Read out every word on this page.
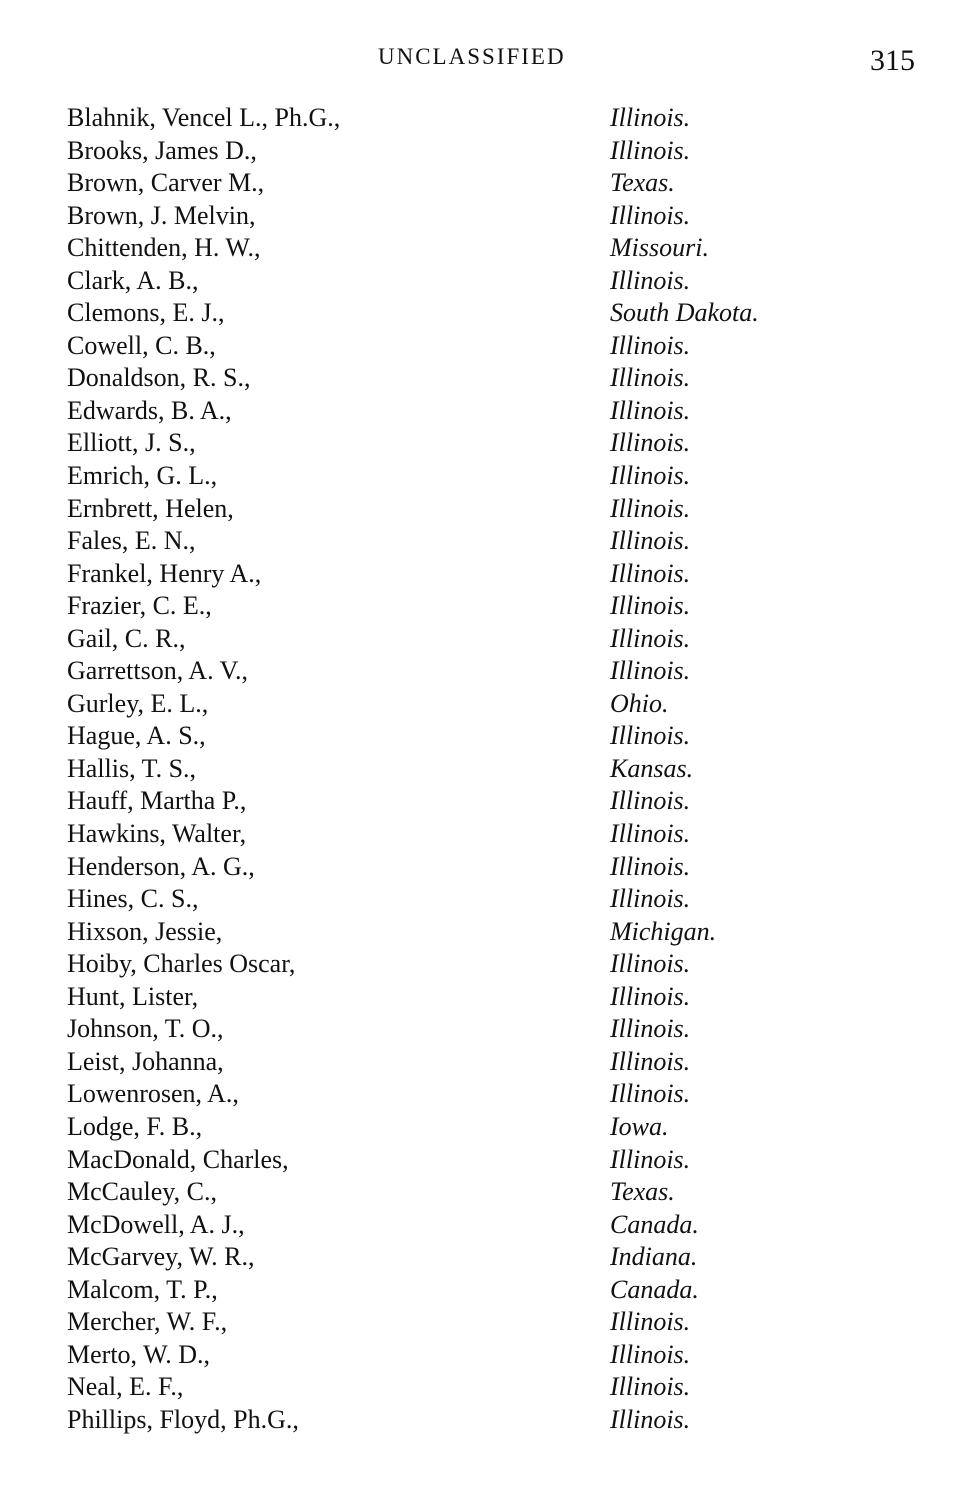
UNCLASSIFIED	315
Blahnik, Vencel L., Ph.G.,	Illinois.
Brooks, James D.,	Illinois.
Brown, Carver M.,	Texas.
Brown, J. Melvin,	Illinois.
Chittenden, H. W.,	Missouri.
Clark, A. B.,	Illinois.
Clemons, E. J.,	South Dakota.
Cowell, C. B.,	Illinois.
Donaldson, R. S.,	Illinois.
Edwards, B. A.,	Illinois.
Elliott, J. S.,	Illinois.
Emrich, G. L.,	Illinois.
Ernbrett, Helen,	Illinois.
Fales, E. N.,	Illinois.
Frankel, Henry A.,	Illinois.
Frazier, C. E.,	Illinois.
Gail, C. R.,	Illinois.
Garrettson, A. V.,	Illinois.
Gurley, E. L.,	Ohio.
Hague, A. S.,	Illinois.
Hallis, T. S.,	Kansas.
Hauff, Martha P.,	Illinois.
Hawkins, Walter,	Illinois.
Henderson, A. G.,	Illinois.
Hines, C. S.,	Illinois.
Hixson, Jessie,	Michigan.
Hoiby, Charles Oscar,	Illinois.
Hunt, Lister,	Illinois.
Johnson, T. O.,	Illinois.
Leist, Johanna,	Illinois.
Lowenrosen, A.,	Illinois.
Lodge, F. B.,	Iowa.
MacDonald, Charles,	Illinois.
McCauley, C.,	Texas.
McDowell, A. J.,	Canada.
McGarvey, W. R.,	Indiana.
Malcom, T. P.,	Canada.
Mercher, W. F.,	Illinois.
Merto, W. D.,	Illinois.
Neal, E. F.,	Illinois.
Phillips, Floyd, Ph.G.,	Illinois.
